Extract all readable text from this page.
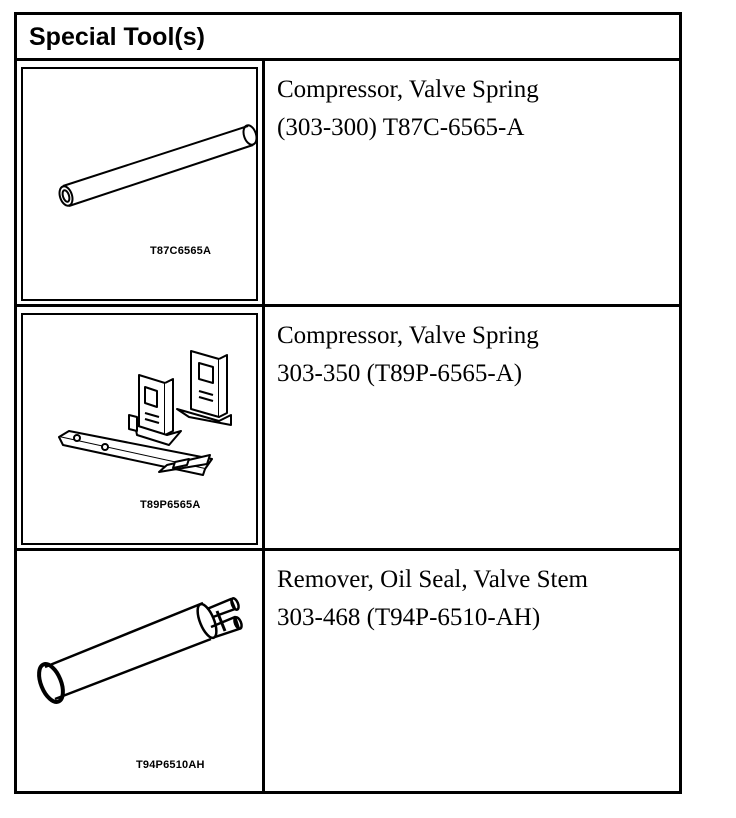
Special Tool(s)
T87C6565A
Compressor, Valve Spring
(303-300) T87C-6565-A
T89P6565A
Compressor, Valve Spring
303-350 (T89P-6565-A)
T94P6510AH
Remover, Oil Seal, Valve Stem
303-468 (T94P-6510-AH)
